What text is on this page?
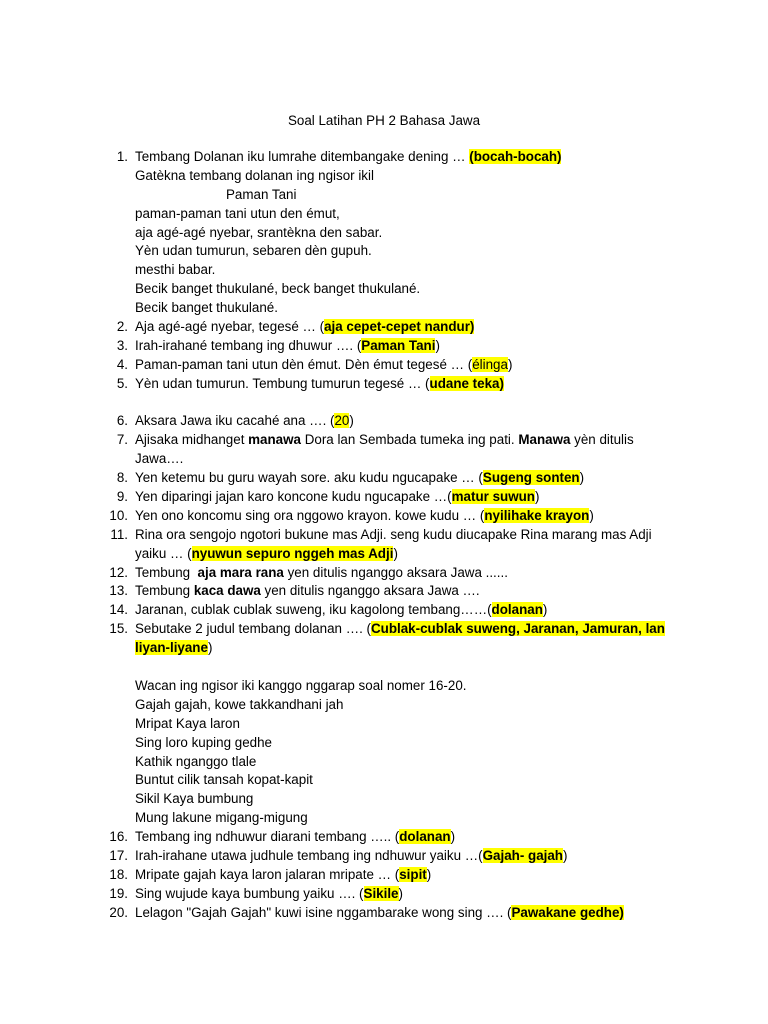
Soal Latihan PH 2 Bahasa Jawa
1. Tembang Dolanan iku lumrahe ditembangake dening … (bocah-bocah)
Gatèkna tembang dolanan ing ngisor ikil
Paman Tani
paman-paman tani utun den émut,
aja agé-agé nyebar, srantèkna den sabar.
Yèn udan tumurun, sebaren dèn gupuh.
mesthi babar.
Becik banget thukulané, beck banget thukulané.
Becik banget thukulané.
2. Aja agé-agé nyebar, tegesé … (aja cepet-cepet nandur)
3. Irah-irahané tembang ing dhuwur …. (Paman Tani)
4. Paman-paman tani utun dèn émut. Dèn émut tegesé … (élinga)
5. Yèn udan tumurun. Tembung tumurun tegesé … (udane teka)
6. Aksara Jawa iku cacahé ana …. (20)
7. Ajisaka midhanget manawa Dora lan Sembada tumeka ing pati. Manawa yèn ditulis
Jawa….
8. Yen ketemu bu guru wayah sore. aku kudu ngucapake … (Sugeng sonten)
9. Yen diparingi jajan karo koncone kudu ngucapake …(matur suwun)
10. Yen ono koncomu sing ora nggowo krayon. kowe kudu … (nyilihake krayon)
11. Rina ora sengojo ngotori bukune mas Adji. seng kudu diucapake Rina marang mas Adji
yaiku … (nyuwun sepuro nggeh mas Adji)
12. Tembung  aja mara rana yen ditulis nganggo aksara Jawa ......
13. Tembung kaca dawa yen ditulis nganggo aksara Jawa ….
14. Jaranan, cublak cublak suweng, iku kagolong tembang……(dolanan)
15. Sebutake 2 judul tembang dolanan …. (Cublak-cublak suweng, Jaranan, Jamuran, lan
liyan-liyane)
Wacan ing ngisor iki kanggo nggarap soal nomer 16-20.
Gajah gajah, kowe takkandhani jah
Mripat Kaya laron
Sing loro kuping gedhe
Kathik nganggo tlale
Buntut cilik tansah kopat-kapit
Sikil Kaya bumbung
Mung lakune migang-migung
16. Tembang ing ndhuwur diarani tembang ….. (dolanan)
17. Irah-irahane utawa judhule tembang ing ndhuwur yaiku …(Gajah- gajah)
18. Mripate gajah kaya laron jalaran mripate … (sipit)
19. Sing wujude kaya bumbung yaiku …. (Sikile)
20. Lelagon "Gajah Gajah" kuwi isine nggambarake wong sing …. (Pawakane gedhe)
